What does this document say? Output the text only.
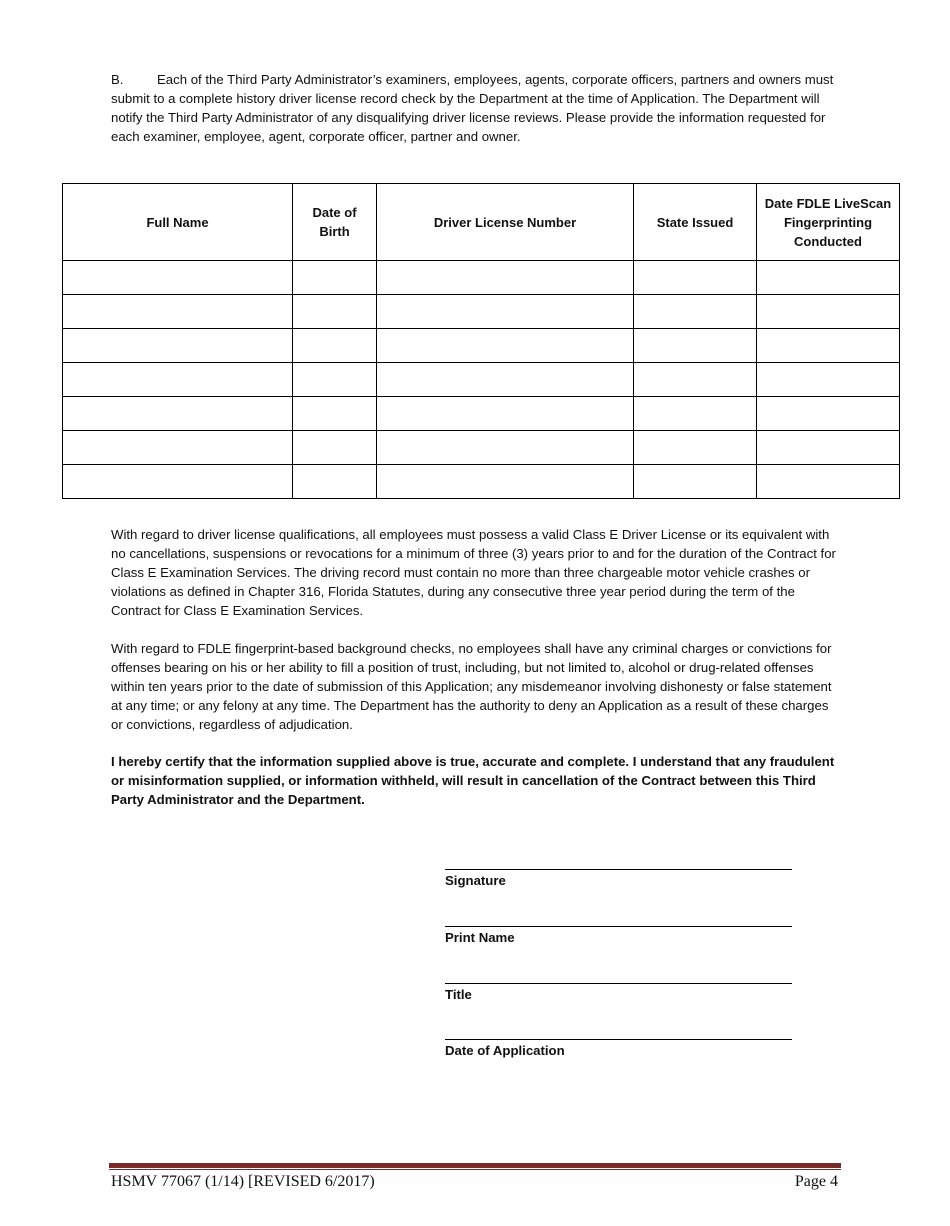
B.	Each of the Third Party Administrator’s examiners, employees, agents, corporate officers, partners and owners must submit to a complete history driver license record check by the Department at the time of Application. The Department will notify the Third Party Administrator of any disqualifying driver license reviews. Please provide the information requested for each examiner, employee, agent, corporate officer, partner and owner.
Full Name	Date of Birth	Driver License Number	State Issued	Date FDLE LiveScan Fingerprinting Conducted

With regard to driver license qualifications, all employees must possess a valid Class E Driver License or its equivalent with no cancellations, suspensions or revocations for a minimum of three (3) years prior to and for the duration of the Contract for Class E Examination Services. The driving record must contain no more than three chargeable motor vehicle crashes or violations as defined in Chapter 316, Florida Statutes, during any consecutive three year period during the term of the Contract for Class E Examination Services.
With regard to FDLE fingerprint-based background checks, no employees shall have any criminal charges or convictions for offenses bearing on his or her ability to fill a position of trust, including, but not limited to, alcohol or drug-related offenses within ten years prior to the date of submission of this Application; any misdemeanor involving dishonesty or false statement at any time; or any felony at any time. The Department has the authority to deny an Application as a result of these charges or convictions, regardless of adjudication.
I hereby certify that the information supplied above is true, accurate and complete. I understand that any fraudulent or misinformation supplied, or information withheld, will result in cancellation of the Contract between this Third Party Administrator and the Department.
Signature
Print Name
Title
Date of Application
HSMV 77067 (1/14) [REVISED 6/2017)	Page 4
